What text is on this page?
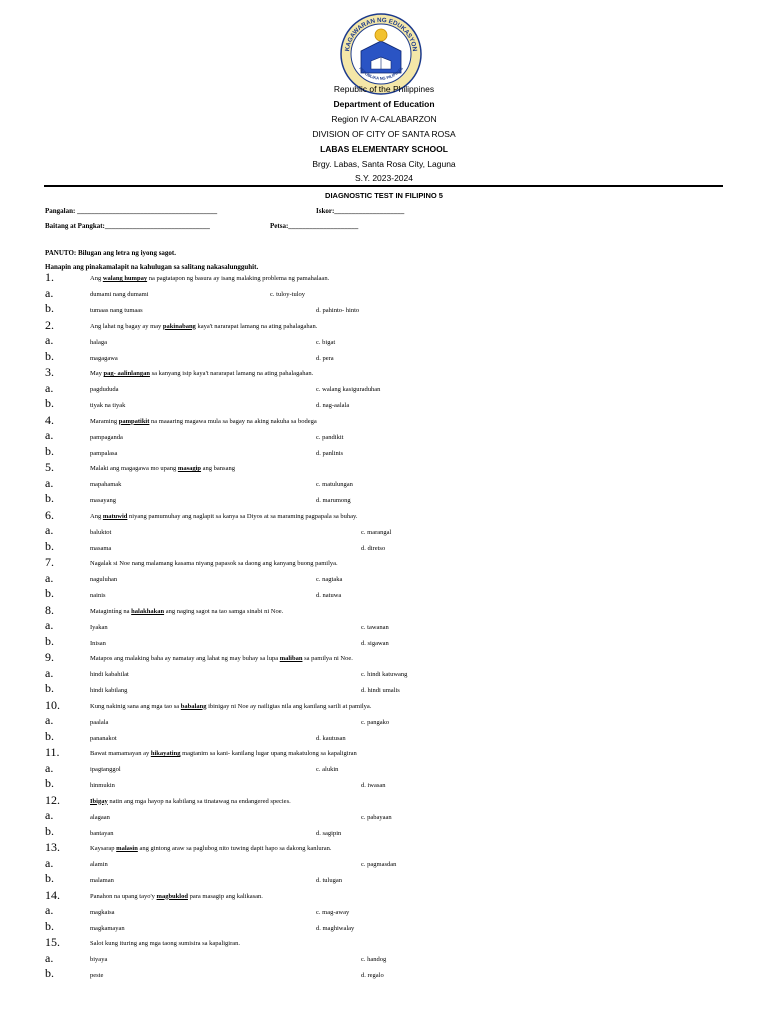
KAGAWARAN NG EDUKASYON
REPUBLIKA NG PILIPINAS
Republic of the Philippines
Department of Education
Region IV A-CALABARZON
DIVISION OF CITY OF SANTA ROSA
LABAS ELEMENTARY SCHOOL
Brgy. Labas, Santa Rosa City, Laguna
S.Y. 2023-2024
DIAGNOSTIC TEST IN FILIPINO 5
Pangalan: ________________________________________	Iskor:____________________
Baitang at Pangkat:______________________________	Petsa:____________________
PANUTO: Bilugan ang letra ng iyong sagot.
Hanapin ang pinakamalapit na kahulugan sa salitang nakasalungguhit.
1.	Ang walang humpay na pagtatapon ng basura ay isang malaking problema ng pamahalaan.
a.	dumami nang dumami	c. tuloy-tuloy
b.	tumaas nang tumaas	d. pahinto- hinto
2.	Ang lahat ng bagay ay may pakinabang kaya't nararapat lamang na ating pahalagahan.
a.	halaga	c. bigat
b.	magagawa	d. pera
3.	May pag- aalinlangan sa kanyang isip kaya't nararapat lamang na ating pahalagahan.
a.	pagdududa	c. walang kasiguraduhan
b.	tiyak na tiyak	d. nag-aalala
4.	Maraming pampatikit na maaaring magawa mula sa bagay na aking nakuha sa bodega
a.	pampaganda	c. pandikit
b.	pampalasa	d. panlinis
5.	Malaki ang magagawa mo upang masagip ang bansang
a.	mapahamak	c. matulungan
b.	masayang	d. marumong
6.	Ang matuwid niyang pamumuhay ang naglapit sa kanya sa Diyos at sa maraming pagpapala sa buhay.
a.	baluktot	c. marangal
b.	masama	d. diretso
7.	Nagalak si Noe nang malamang kasama niyang papasok sa daong ang kanyang buong pamilya.
a.	naguluhan	c. nagtaka
b.	nainis	d. natuwa
8.	Matagintíng na halakhakan ang naging sagot na tao samga sinabi ni Noe.
a.	Iyakan	c. tawanan
b.	Inisan	d. sigawan
9.	Matapos ang malaking baha ay namatay ang lahat ng may buhay sa lupa maliban sa pamilya ni Noe.
a.	hindi kabahilat	c. hindi katuwang
b.	hindi kabilang	d. hindi umalis
10.	Kung nakinig sana ang mga tao sa babalang ibinigay ni Noe ay nailigtas nila ang kanilang sarili at pamilya.
a.	paalala	c. pangako
b.	pananakot	d. kautusan
11.	Bawat mamamayan ay hikayating magtanim sa kani- kanilang lugar upang makatulong sa kapaligiran
a.	ipagtanggol	c. alukin
b.	hinmukin	d. iwasan
12.	Ibigay natin ang mga hayop na kabilang sa tinatawag na endangered species.
a.	alagaan	c. pabayaan
b.	bantayan	d. sagipin
13.	Kaysarap malasin ang gintong araw sa paglubog nito tuwing dapit hapo sa dakong kanluran.
a.	alamin	c. pagmasdan
b.	malaman	d. tulugan
14.	Panahon na upang tayo'y magbuklod para masagip ang kalikasan.
a.	magkaisa	c. mag-away
b.	magkamayan	d. maghiwalay
15.	Salot kung ituring ang mga taong sumisira sa kapaligiran.
a.	biyaya	c. handog
b.	peste	d. regalo
